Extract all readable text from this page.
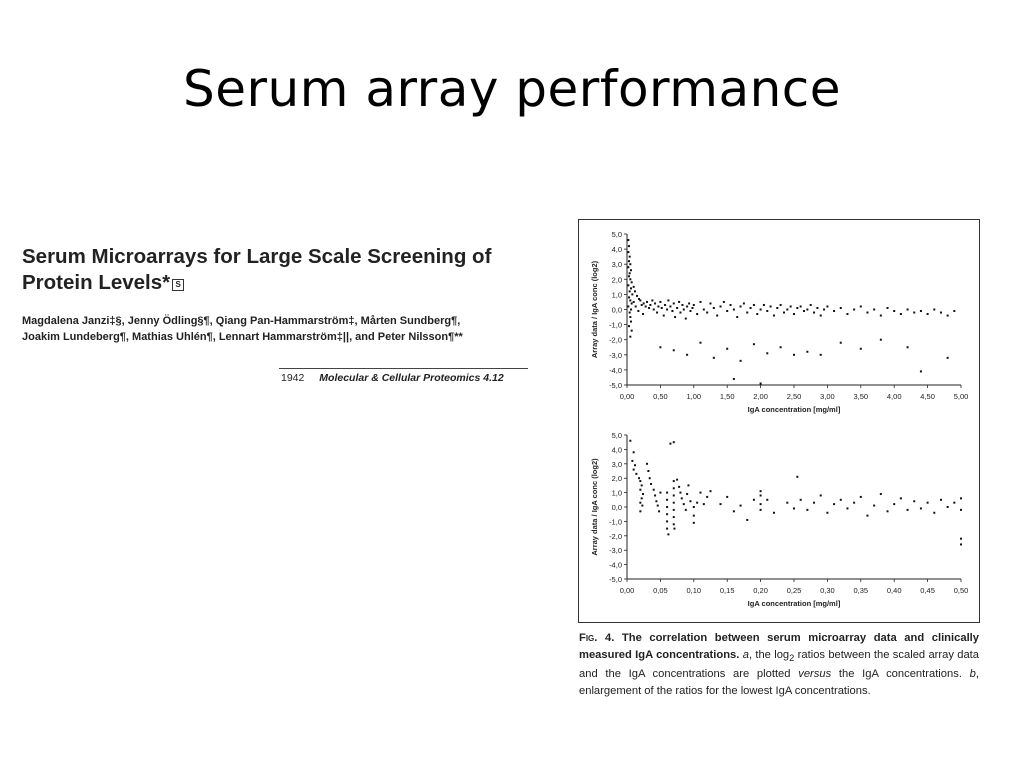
Serum array performance
Serum Microarrays for Large Scale Screening of Protein Levels* S
Magdalena Janzi‡§, Jenny Ödling§¶, Qiang Pan-Hammarström‡, Mårten Sundberg¶,
Joakim Lundeberg¶, Mathias Uhlén¶, Lennart Hammarström‡||, and Peter Nilsson¶**
1942 Molecular & Cellular Proteomics 4.12
5,0
4,0
3,0
2,0
1,0
0,0
-1,0
-2,0
-3,0
-4,0
-5,0
0,00	0,50	1,00	1,50	2,00	2,50	3,00	3,50	4,00	4,50	5,00
IgA concentration [mg/ml]
Array data / IgA conc (log2)
5,0
4,0
3,0
2,0
1,0
0,0
-1,0
-2,0
-3,0
-4,0
-5,0
0,00	0,05	0,10	0,15	0,20	0,25	0,30	0,35	0,40	0,45	0,50
IgA concentration [mg/ml]
Array data / IgA conc (log2)

Fig. 4. The correlation between serum microarray data and clinically measured IgA concentrations. a, the $\log_2$ ratios between the scaled array data and the IgA concentrations are plotted versus the IgA concentrations. b, enlargement of the ratios for the lowest IgA concentrations.
